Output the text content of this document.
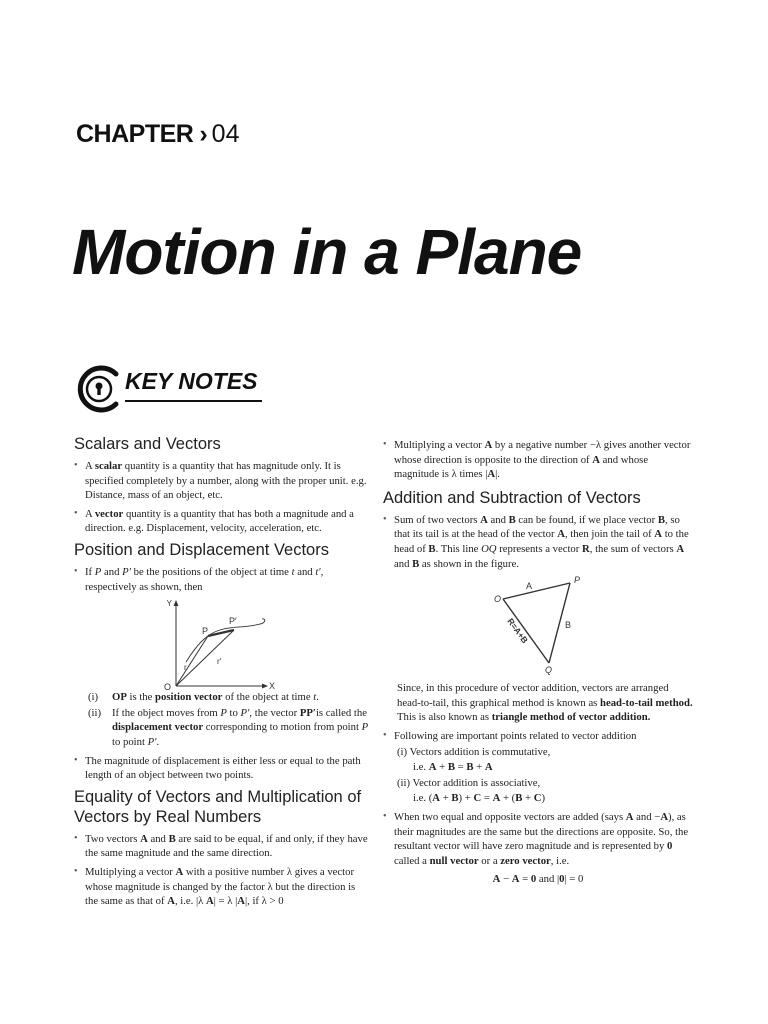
CHAPTER › 04
Motion in a Plane
KEY NOTES
Scalars and Vectors
• A scalar quantity is a quantity that has magnitude only. It is specified completely by a number, along with the proper unit. e.g. Distance, mass of an object, etc.
• A vector quantity is a quantity that has both a magnitude and a direction. e.g. Displacement, velocity, acceleration, etc.
Position and Displacement Vectors
• If P and P′ be the positions of the object at time t and t′, respectively as shown, then
Y
X
O
P
P′
r
r′
(i) OP is the position vector of the object at time t.
(ii) If the object moves from P to P′, the vector PP′is called the displacement vector corresponding to motion from point P to point P′.
• The magnitude of displacement is either less or equal to the path length of an object between two points.
Equality of Vectors and Multiplication of Vectors by Real Numbers
• Two vectors A and B are said to be equal, if and only, if they have the same magnitude and the same direction.
• Multiplying a vector A with a positive number λ gives a vector whose magnitude is changed by the factor λ but the direction is the same as that of A, i.e. |λ A| = λ |A|, if λ > 0
• Multiplying a vector A by a negative number −λ gives another vector whose direction is opposite to the direction of A and whose magnitude is λ times |A|.
Addition and Subtraction of Vectors
• Sum of two vectors A and B can be found, if we place vector B, so that its tail is at the head of the vector A, then join the tail of A to the head of B. This line OQ represents a vector R, the sum of vectors A and B as shown in the figure.
O
P
Q
A
B
R=A+B
Since, in this procedure of vector addition, vectors are arranged head-to-tail, this graphical method is known as head-to-tail method. This is also known as triangle method of vector addition.
• Following are important points related to vector addition
(i) Vectors addition is commutative,
i.e. A + B = B + A
(ii) Vector addition is associative,
i.e. (A + B) + C = A + (B + C)
• When two equal and opposite vectors are added (says A and −A), as their magnitudes are the same but the directions are opposite. So, the resultant vector will have zero magnitude and is represented by 0 called a null vector or a zero vector, i.e.
A − A = 0 and |0| = 0
